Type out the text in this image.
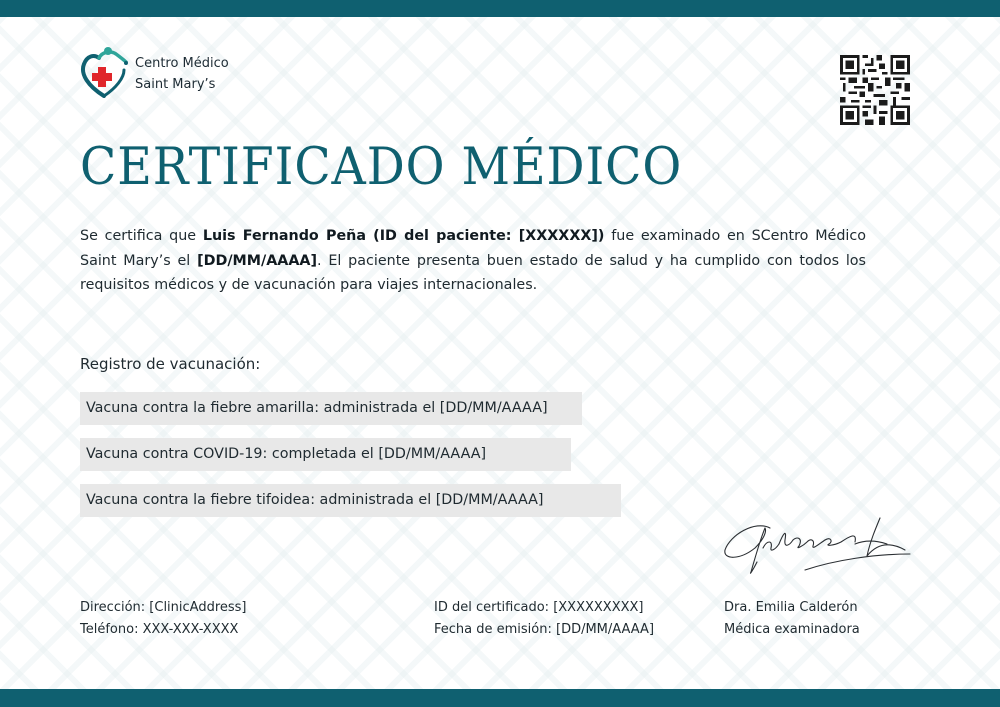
Centro Médico
Saint Mary’s
CERTIFICADO MÉDICO

Se certifica que Luis Fernando Peña (ID del paciente: [XXXXXX]) fue examinado en SCentro Médico Saint Mary’s el [DD/MM/AAAA]. El paciente presenta buen estado de salud y ha cumplido con todos los requisitos médicos y de vacunación para viajes internacionales.

Registro de vacunación:
Vacuna contra la fiebre amarilla: administrada el [DD/MM/AAAA]
Vacuna contra COVID-19: completada el [DD/MM/AAAA]
Vacuna contra la fiebre tifoidea: administrada el [DD/MM/AAAA]
Dirección: [ClinicAddress]
Teléfono: XXX-XXX-XXXX
ID del certificado: [XXXXXXXXX]
Fecha de emisión: [DD/MM/AAAA]
Dra. Emilia Calderón
Médica examinadora
